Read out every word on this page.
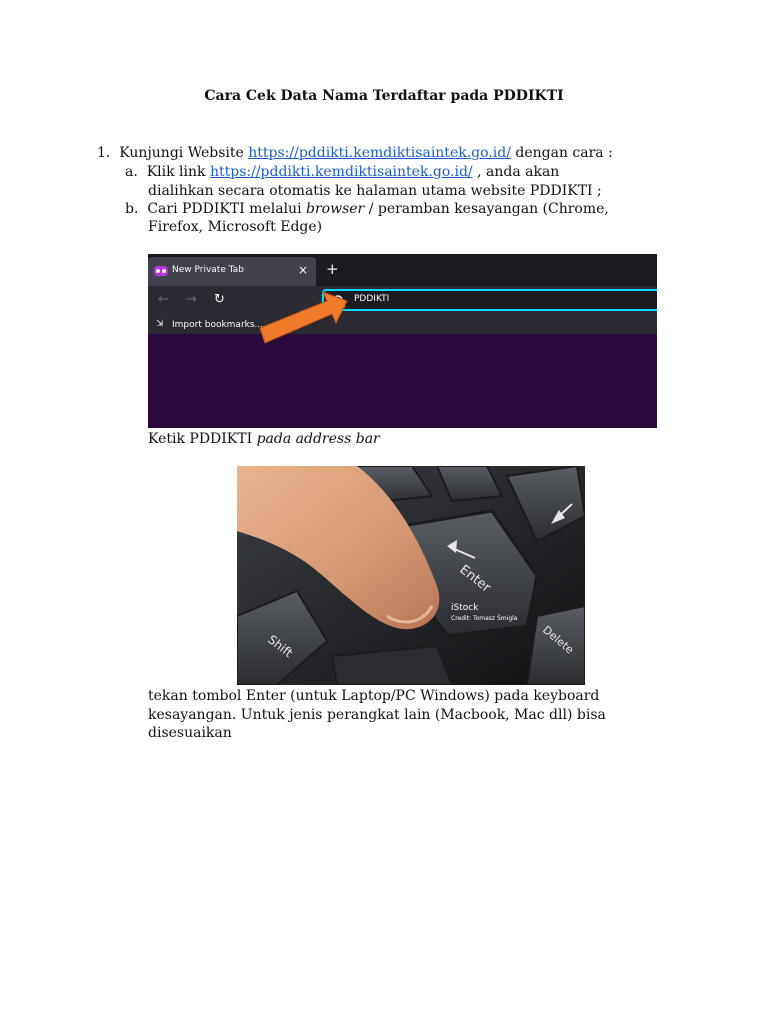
Cara Cek Data Nama Terdaftar pada PDDIKTI
1. Kunjungi Website https://pddikti.kemdiktisaintek.go.id/ dengan cara :
a. Klik link https://pddikti.kemdiktisaintek.go.id/ , anda akan
dialihkan secara otomatis ke halaman utama website PDDIKTI ;
b. Cari PDDIKTI melalui browser / peramban kesayangan (Chrome,
Firefox, Microsoft Edge)
New Private Tab	× +
← → ↻	PDDIKTI
⇲ Import bookmarks...
Ketik PDDIKTI pada address bar
Enter
Shift	Delete
iStock
Credit: Tomasz Śmigla
tekan tombol Enter (untuk Laptop/PC Windows) pada keyboard
kesayangan. Untuk jenis perangkat lain (Macbook, Mac dll) bisa
disesuaikan
